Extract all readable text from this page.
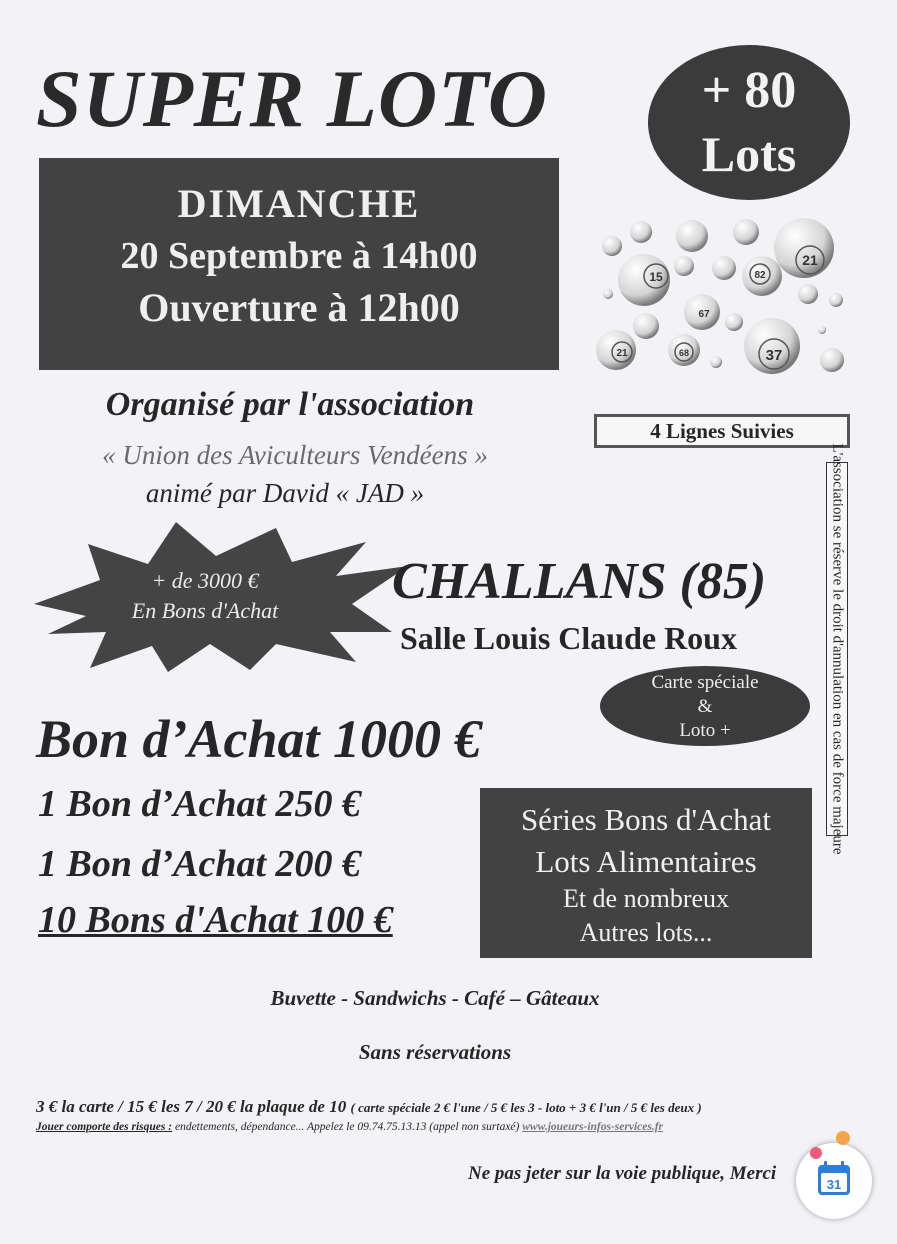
SUPER LOTO	+ 80
Lots
DIMANCHE
20 Septembre à 14h00
Ouverture à 12h00
21
15	82
67
21	68	37
Organisé par l'association
« Union des Aviculteurs Vendéens »
animé par David « JAD »
4 Lignes Suivies
L'association se réserve le droit d'annulation en cas de force majeure
+ de 3000 €
En Bons d'Achat
CHALLANS (85)
Salle Louis Claude Roux
Carte spéciale
&
Loto +
Bon d’Achat 1000 €
1 Bon d’Achat 250 €
1 Bon d’Achat 200 €
10 Bons d'Achat 100 €
Séries Bons d'Achat
Lots Alimentaires
Et de nombreux
Autres lots...
Buvette - Sandwichs - Café – Gâteaux
Sans réservations
3 € la carte / 15 € les 7 / 20 € la plaque de 10 ( carte spéciale 2 € l'une / 5 € les 3 - loto + 3 € l'un / 5 € les deux )
Jouer comporte des risques : endettements, dépendance... Appelez le 09.74.75.13.13 (appel non surtaxé) www.joueurs-infos-services.fr
Ne pas jeter sur la voie publique, Merci
31
